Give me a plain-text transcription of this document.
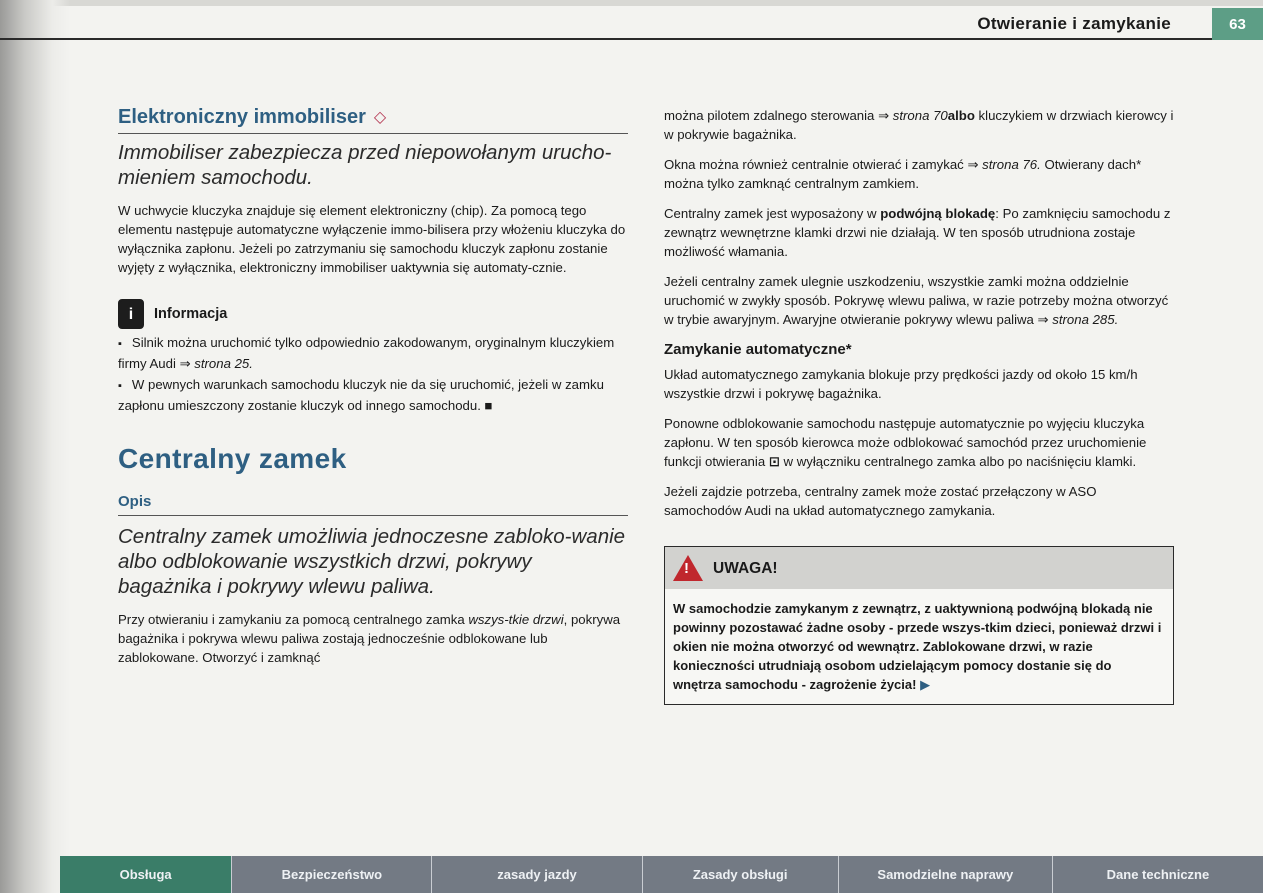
Otwieranie i zamykanie	63
Elektroniczny immobiliser ◇

Immobiliser zabezpiecza przed niepowołanym urucho-mieniem samochodu.

W uchwycie kluczyka znajduje się element elektroniczny (chip). Za pomocą tego elementu następuje automatyczne wyłączenie immo-bilisera przy włożeniu kluczyka do wyłącznika zapłonu. Jeżeli po zatrzymaniu się samochodu kluczyk zapłonu zostanie wyjęty z wyłącznika, elektroniczny immobiliser uaktywnia się automaty-cznie.

i	Informacja
▪ Silnik można uruchomić tylko odpowiednio zakodowanym, oryginalnym kluczykiem firmy Audi ⇒ strona 25.
▪ W pewnych warunkach samochodu kluczyk nie da się uruchomić, jeżeli w zamku zapłonu umieszczony zostanie kluczyk od innego samochodu. ■
Centralny zamek
Opis

Centralny zamek umożliwia jednoczesne zabloko-wanie albo odblokowanie wszystkich drzwi, pokrywy bagażnika i pokrywy wlewu paliwa.

Przy otwieraniu i zamykaniu za pomocą centralnego zamka wszys-tkie drzwi, pokrywa bagażnika i pokrywa wlewu paliwa zostają jednocześnie odblokowane lub zablokowane. Otworzyć i zamknąć

można pilotem zdalnego sterowania ⇒ strona 70albo kluczykiem w drzwiach kierowcy i w pokrywie bagażnika.

Okna można również centralnie otwierać i zamykać ⇒ strona 76. Otwierany dach* można tylko zamknąć centralnym zamkiem.

Centralny zamek jest wyposażony w podwójną blokadę: Po zamknięciu samochodu z zewnątrz wewnętrzne klamki drzwi nie działają. W ten sposób utrudniona zostaje możliwość włamania.

Jeżeli centralny zamek ulegnie uszkodzeniu, wszystkie zamki można oddzielnie uruchomić w zwykły sposób. Pokrywę wlewu paliwa, w razie potrzeby można otworzyć w trybie awaryjnym. Awaryjne otwieranie pokrywy wlewu paliwa ⇒ strona 285.

Zamykanie automatyczne*

Układ automatycznego zamykania blokuje przy prędkości jazdy od około 15 km/h wszystkie drzwi i pokrywę bagażnika.

Ponowne odblokowanie samochodu następuje automatycznie po wyjęciu kluczyka zapłonu. W ten sposób kierowca może odblokować samochód przez uruchomienie funkcji otwierania ⊡ w wyłączniku centralnego zamka albo po naciśnięciu klamki.

Jeżeli zajdzie potrzeba, centralny zamek może zostać przełączony w ASO samochodów Audi na układ automatycznego zamykania.

! UWAGA!
W samochodzie zamykanym z zewnątrz, z uaktywnioną podwójną blokadą nie powinny pozostawać żadne osoby - przede wszys-tkim dzieci, ponieważ drzwi i okien nie można otworzyć od wewnątrz. Zablokowane drzwi, w razie konieczności utrudniają osobom udzielającym pomocy dostanie się do wnętrza samochodu - zagrożenie życia! ▶
Obsługa	Bezpieczeństwo	zasady jazdy	Zasady obsługi	Samodzielne naprawy	Dane techniczne
